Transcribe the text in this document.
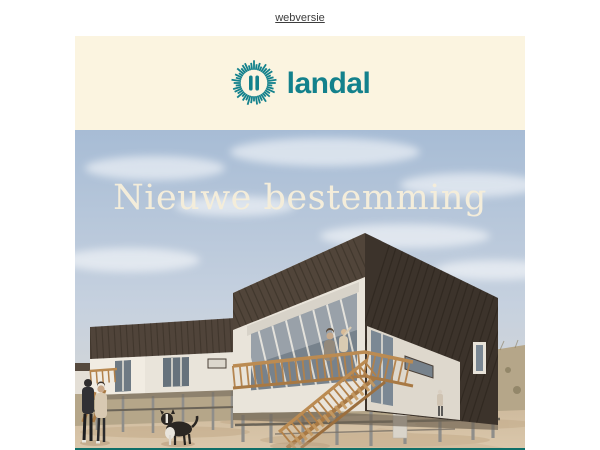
webversie
landal
Nieuwe bestemming
